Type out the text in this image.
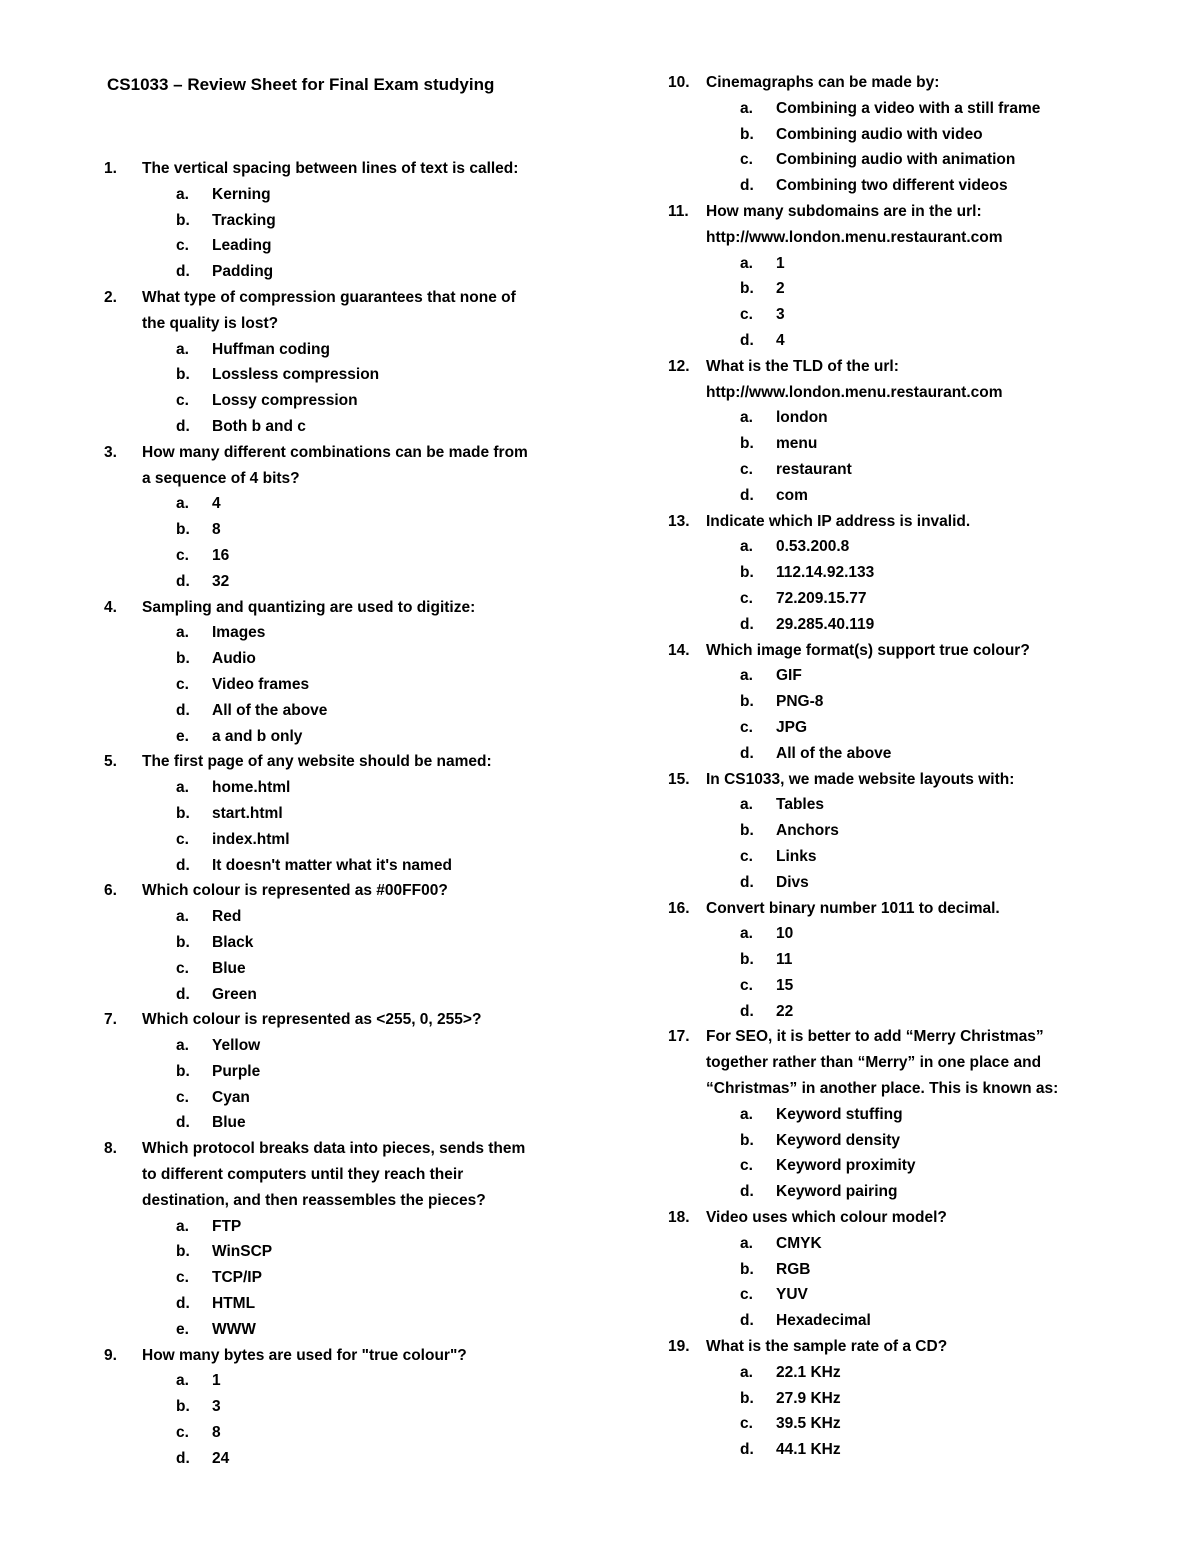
CS1033 – Review Sheet for Final Exam studying
1.	The vertical spacing between lines of text is called:
a.	Kerning
b.	Tracking
c.	Leading
d.	Padding
2.	What type of compression guarantees that none of
the quality is lost?
a.	Huffman coding
b.	Lossless compression
c.	Lossy compression
d.	Both b and c
3.	How many different combinations can be made from
a sequence of 4 bits?
a.	4
b.	8
c.	16
d.	32
4.	Sampling and quantizing are used to digitize:
a.	Images
b.	Audio
c.	Video frames
d.	All of the above
e.	a and b only
5.	The first page of any website should be named:
a.	home.html
b.	start.html
c.	index.html
d.	It doesn't matter what it's named
6.	Which colour is represented as #00FF00?
a.	Red
b.	Black
c.	Blue
d.	Green
7.	Which colour is represented as <255, 0, 255>?
a.	Yellow
b.	Purple
c.	Cyan
d.	Blue
8.	Which protocol breaks data into pieces, sends them
to different computers until they reach their
destination, and then reassembles the pieces?
a.	FTP
b.	WinSCP
c.	TCP/IP
d.	HTML
e.	WWW
9.	How many bytes are used for "true colour"?
a.	1
b.	3
c.	8
d.	24
10.	Cinemagraphs can be made by:
a.	Combining a video with a still frame
b.	Combining audio with video
c.	Combining audio with animation
d.	Combining two different videos
11.	How many subdomains are in the url:
http://www.london.menu.restaurant.com
a.	1
b.	2
c.	3
d.	4
12.	What is the TLD of the url:
http://www.london.menu.restaurant.com
a.	london
b.	menu
c.	restaurant
d.	com
13.	Indicate which IP address is invalid.
a.	0.53.200.8
b.	112.14.92.133
c.	72.209.15.77
d.	29.285.40.119
14.	Which image format(s) support true colour?
a.	GIF
b.	PNG-8
c.	JPG
d.	All of the above
15.	In CS1033, we made website layouts with:
a.	Tables
b.	Anchors
c.	Links
d.	Divs
16.	Convert binary number 1011 to decimal.
a.	10
b.	11
c.	15
d.	22
17.	For SEO, it is better to add “Merry Christmas”
together rather than “Merry” in one place and
“Christmas” in another place. This is known as:
a.	Keyword stuffing
b.	Keyword density
c.	Keyword proximity
d.	Keyword pairing
18.	Video uses which colour model?
a.	CMYK
b.	RGB
c.	YUV
d.	Hexadecimal
19.	What is the sample rate of a CD?
a.	22.1 KHz
b.	27.9 KHz
c.	39.5 KHz
d.	44.1 KHz
